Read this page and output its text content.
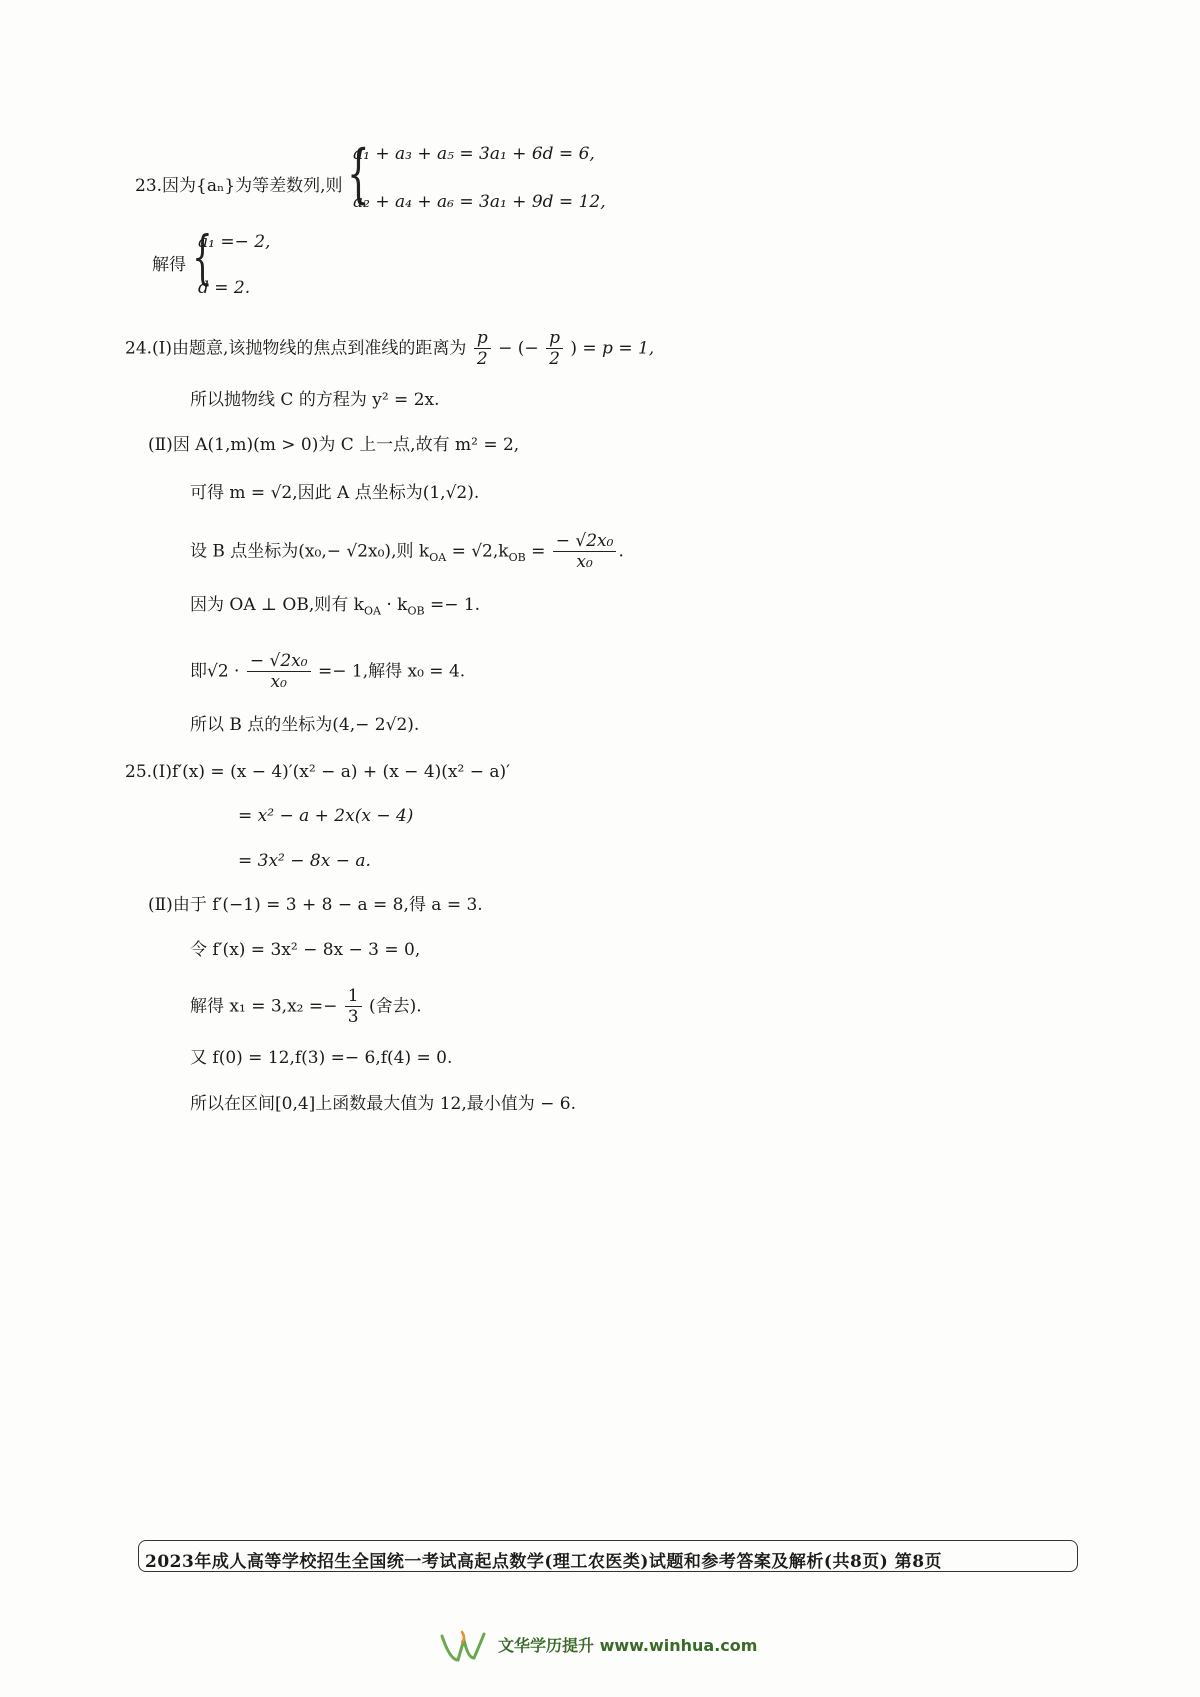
23.因为{aₙ}为等差数列,则 {
a₁ + a₃ + a₅ = 3a₁ + 6d = 6,
a₂ + a₄ + a₆ = 3a₁ + 9d = 12,
解得 {
a₁ =− 2,
d = 2.
24.(Ⅰ)由题意,该抛物线的焦点到准线的距离为 $\frac{p}{2}$ − (− $\frac{p}{2}$ ) = p = 1,
所以抛物线 C 的方程为 y² = 2x.
(Ⅱ)因 A(1,m)(m > 0)为 C 上一点,故有 m² = 2,
可得 m = √2,因此 A 点坐标为(1,√2).
设 B 点坐标为(x₀,− √2x₀),则 $k_{OA} = √2,k_{OB} = \frac{\text{− √2x₀}}{\text{x₀}}$ .
因为 OA ⊥ OB,则有 $k_{OA} \cdot k_{OB} =- 1$.
即$√2 \cdot \frac{\text{− √2x₀}}{\text{x₀}} =- 1$,解得 x₀ = 4.
所以 B 点的坐标为(4,− 2√2).
25.(Ⅰ)f′(x) = (x − 4)′(x² − a) + (x − 4)(x² − a)′
= x² − a + 2x(x − 4)
= 3x² − 8x − a.
(Ⅱ)由于 f′(−1) = 3 + 8 − a = 8,得 a = 3.
令 f′(x) = 3x² − 8x − 3 = 0,
解得 $x_1 = 3,x_2 =- \frac{1}{3}$ (舍去).
又 f(0) = 12,f(3) =− 6,f(4) = 0.
所以在区间[0,4]上函数最大值为 12,最小值为 − 6.
2023年成人高等学校招生全国统一考试高起点数学(理工农医类)试题和参考答案及解析(共8页) 第8页
文华学历提升 www.winhua.com
